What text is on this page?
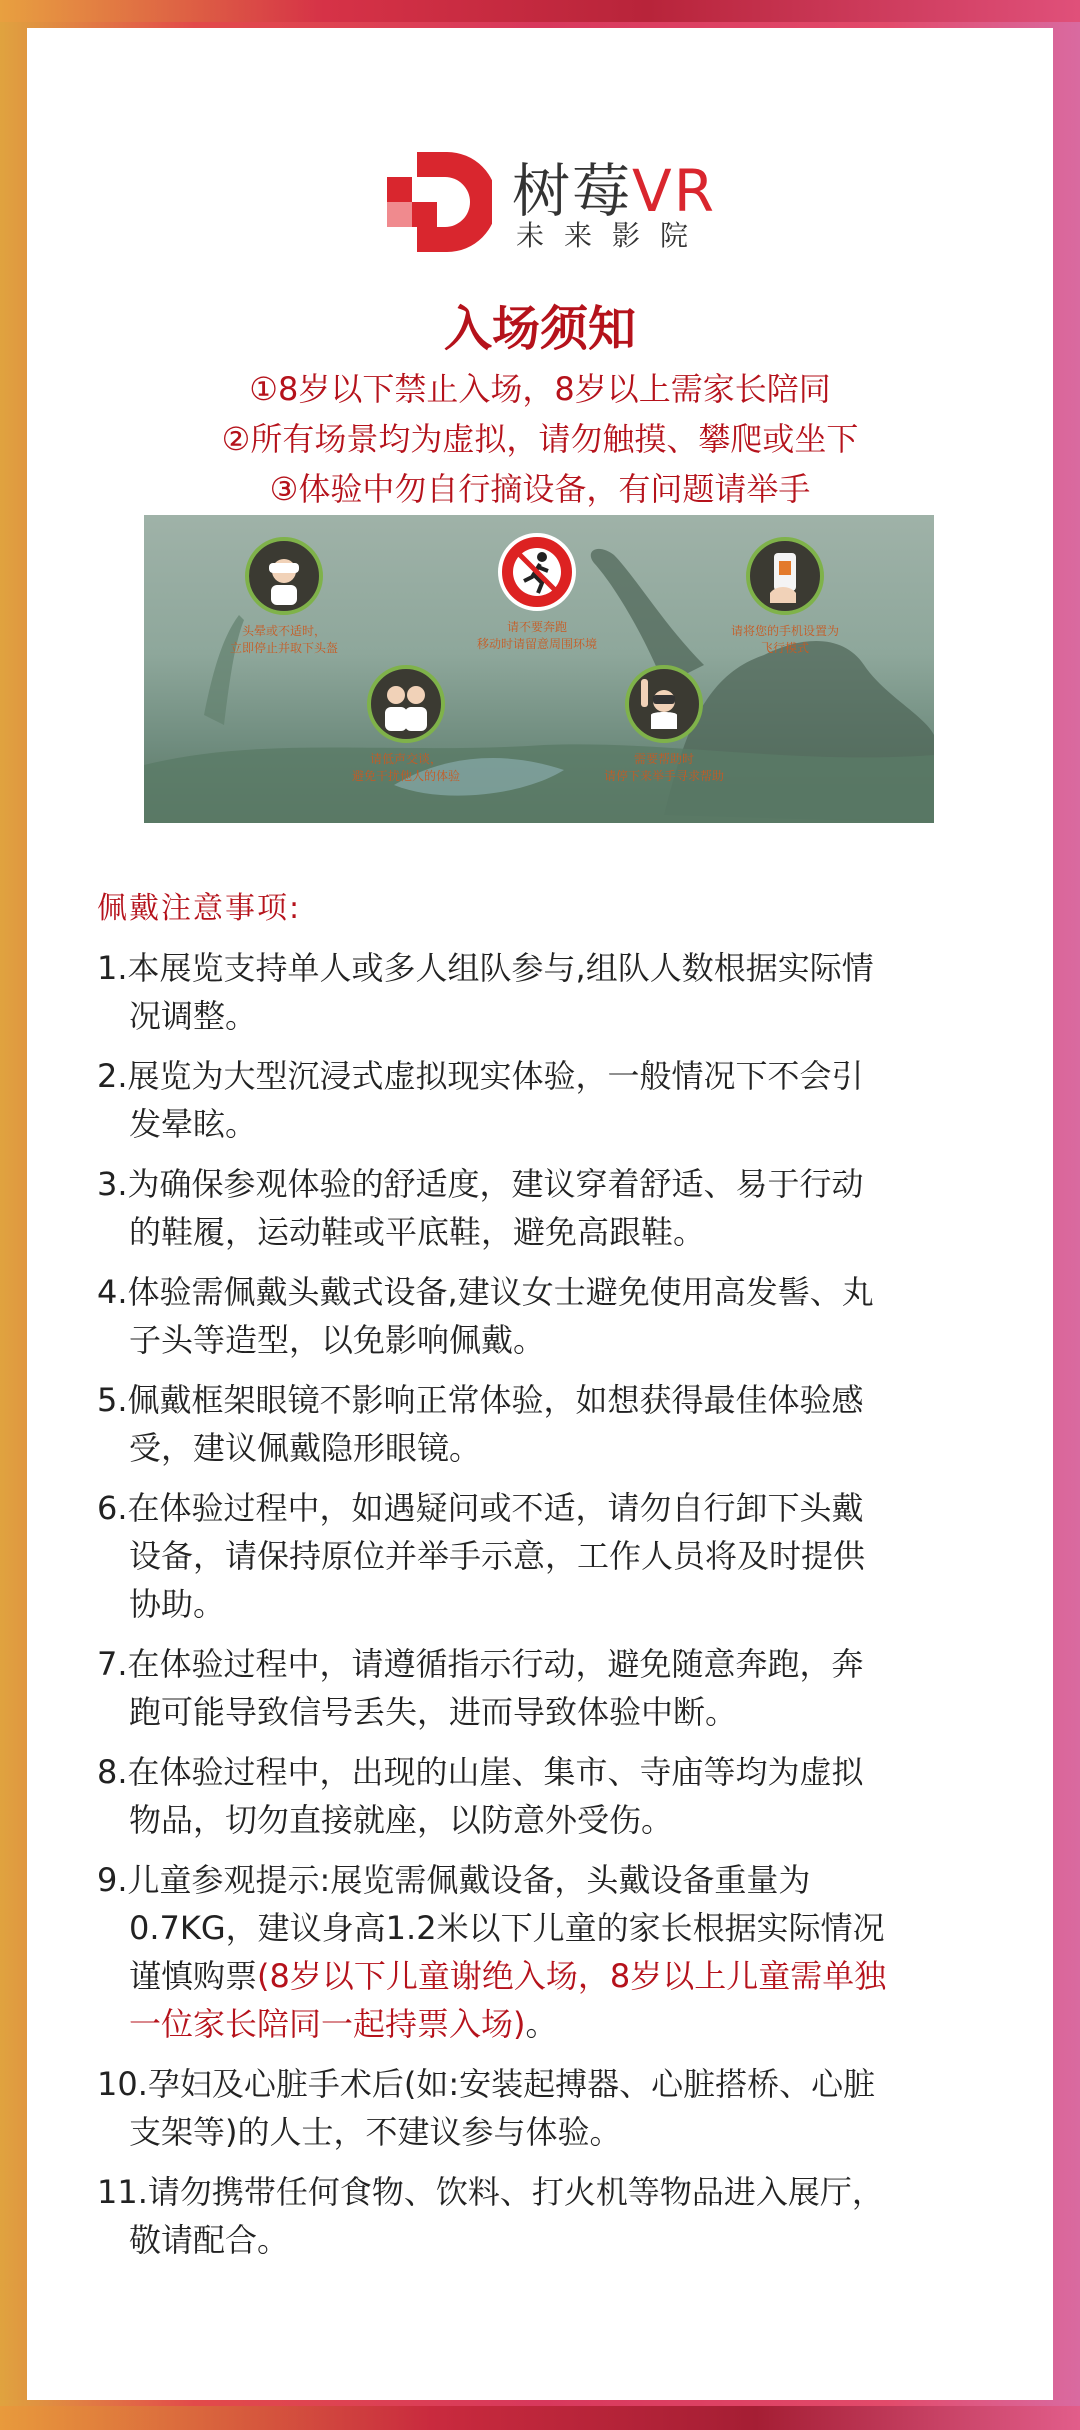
树莓VR
未来影院
入场须知
①8岁以下禁止入场，8岁以上需家长陪同
②所有场景均为虚拟，请勿触摸、攀爬或坐下
③体验中勿自行摘设备，有问题请举手
头晕或不适时，
立即停止并取下头盔
请不要奔跑
移动时请留意周围环境
请将您的手机设置为
飞行模式
请低声交谈，
避免干扰他人的体验
需要帮助时
请停下来举手寻求帮助
佩戴注意事项:
1.本展览支持单人或多人组队参与,组队人数根据实际情
况调整。
2.展览为大型沉浸式虚拟现实体验，一般情况下不会引
发晕眩。
3.为确保参观体验的舒适度，建议穿着舒适、易于行动
的鞋履，运动鞋或平底鞋，避免高跟鞋。
4.体验需佩戴头戴式设备,建议女士避免使用高发髻、丸
子头等造型，以免影响佩戴。
5.佩戴框架眼镜不影响正常体验，如想获得最佳体验感
受，建议佩戴隐形眼镜。
6.在体验过程中，如遇疑问或不适，请勿自行卸下头戴
设备，请保持原位并举手示意，工作人员将及时提供
协助。
7.在体验过程中，请遵循指示行动，避免随意奔跑，奔
跑可能导致信号丢失，进而导致体验中断。
8.在体验过程中，出现的山崖、集市、寺庙等均为虚拟
物品，切勿直接就座，以防意外受伤。
9.儿童参观提示:展览需佩戴设备，头戴设备重量为
0.7KG，建议身高1.2米以下儿童的家长根据实际情况
谨慎购票(8岁以下儿童谢绝入场，8岁以上儿童需单独
一位家长陪同一起持票入场)。
10.孕妇及心脏手术后(如:安装起搏器、心脏搭桥、心脏
支架等)的人士，不建议参与体验。
11.请勿携带任何食物、饮料、打火机等物品进入展厅，
敬请配合。
